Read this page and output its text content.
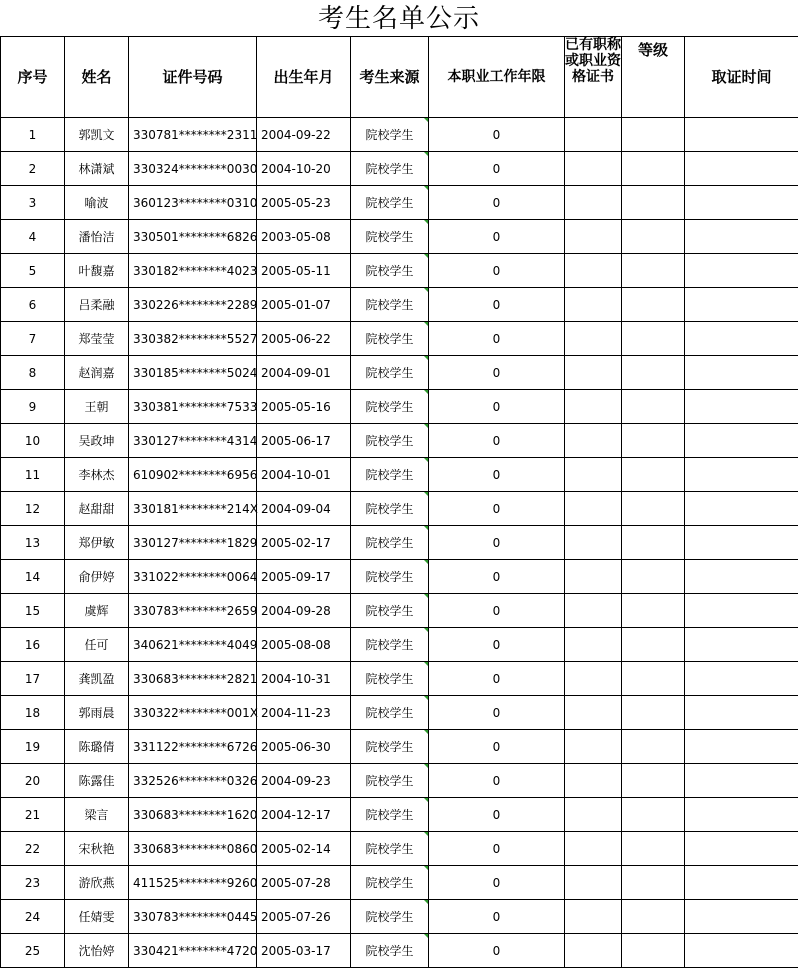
考生名单公示
序号	姓名	证件号码	出生年月	考生来源	本职业工作年限	已有职称或职业资格证书	等级	取证时间
1	郭凯文	330781********2311	2004-09-22	院校学生	0			
2	林潇斌	330324********0030	2004-10-20	院校学生	0			
3	喻波	360123********0310	2005-05-23	院校学生	0			
4	潘怡洁	330501********6826	2003-05-08	院校学生	0			
5	叶馥嘉	330182********4023	2005-05-11	院校学生	0			
6	吕柔融	330226********2289	2005-01-07	院校学生	0			
7	郑莹莹	330382********5527	2005-06-22	院校学生	0			
8	赵润嘉	330185********5024	2004-09-01	院校学生	0			
9	王朝	330381********7533	2005-05-16	院校学生	0			
10	吴政坤	330127********4314	2005-06-17	院校学生	0			
11	李林杰	610902********6956	2004-10-01	院校学生	0			
12	赵甜甜	330181********214X	2004-09-04	院校学生	0			
13	郑伊敏	330127********1829	2005-02-17	院校学生	0			
14	俞伊婷	331022********0064	2005-09-17	院校学生	0			
15	虞辉	330783********2659	2004-09-28	院校学生	0			
16	任可	340621********4049	2005-08-08	院校学生	0			
17	龚凯盈	330683********2821	2004-10-31	院校学生	0			
18	郭雨晨	330322********001X	2004-11-23	院校学生	0			
19	陈璐倩	331122********6726	2005-06-30	院校学生	0			
20	陈露佳	332526********0326	2004-09-23	院校学生	0			
21	梁言	330683********1620	2004-12-17	院校学生	0			
22	宋秋艳	330683********0860	2005-02-14	院校学生	0			
23	游欣燕	411525********9260	2005-07-28	院校学生	0			
24	任婧雯	330783********0445	2005-07-26	院校学生	0			
25	沈怡婷	330421********4720	2005-03-17	院校学生	0			
